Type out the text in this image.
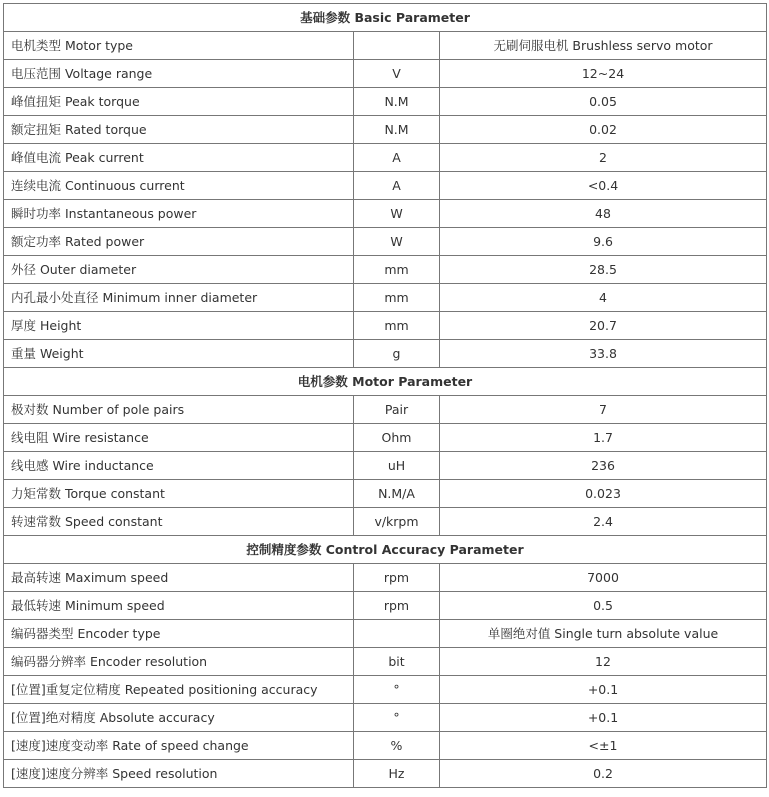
基础参数 Basic Parameter		
电机类型 Motor type		无刷伺服电机 Brushless servo motor
电压范围 Voltage range	V	12~24
峰值扭矩 Peak torque	N.M	0.05
额定扭矩 Rated torque	N.M	0.02
峰值电流 Peak current	A	2
连续电流 Continuous current	A	<0.4
瞬时功率 Instantaneous power	W	48
额定功率 Rated power	W	9.6
外径 Outer diameter	mm	28.5
内孔最小处直径 Minimum inner diameter	mm	4
厚度 Height	mm	20.7
重量 Weight	g	33.8
电机参数 Motor Parameter		
极对数 Number of pole pairs	Pair	7
线电阻 Wire resistance	Ohm	1.7
线电感 Wire inductance	uH	236
力矩常数 Torque constant	N.M/A	0.023
转速常数 Speed constant	v/krpm	2.4
控制精度参数 Control Accuracy Parameter		
最高转速 Maximum speed	rpm	7000
最低转速 Minimum speed	rpm	0.5
编码器类型 Encoder type		单圈绝对值 Single turn absolute value
编码器分辨率 Encoder resolution	bit	12
[位置]重复定位精度 Repeated positioning accuracy	°	+0.1
[位置]绝对精度 Absolute accuracy	°	+0.1
[速度]速度变动率 Rate of speed change	%	<±1
[速度]速度分辨率 Speed resolution	Hz	0.2
